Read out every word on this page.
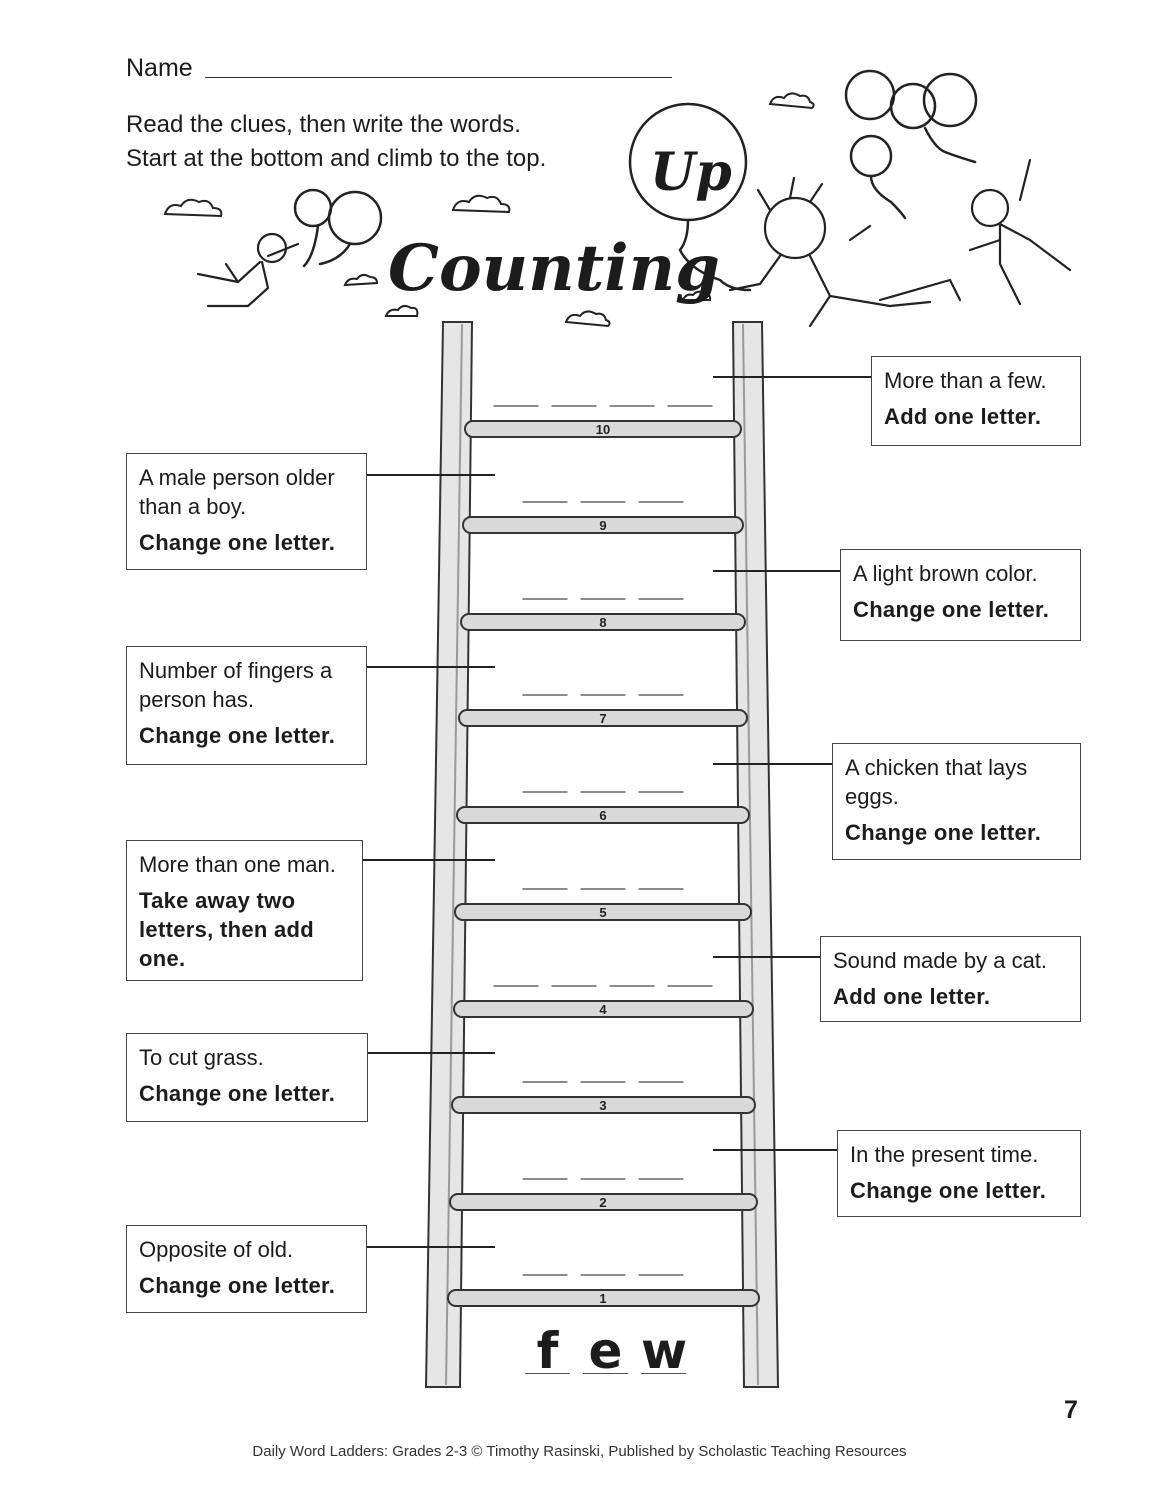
Name
Read the clues, then write the words.
Start at the bottom and climb to the top. Up
Counting
10
9
8
7
6
5
4
3
2
1
f e w
More than a few.
Add one letter.
A male person older than a boy.
Change one letter.
A light brown color.
Change one letter.
Number of fingers a person has.
Change one letter.
A chicken that lays eggs.
Change one letter.
More than one man.
Take away two letters, then add one.	Sound made by a cat.
Add one letter.
To cut grass.
Change one letter.
In the present time.
Change one letter.
Opposite of old.
Change one letter.
7
Daily Word Ladders: Grades 2-3 © Timothy Rasinski, Published by Scholastic Teaching Resources
